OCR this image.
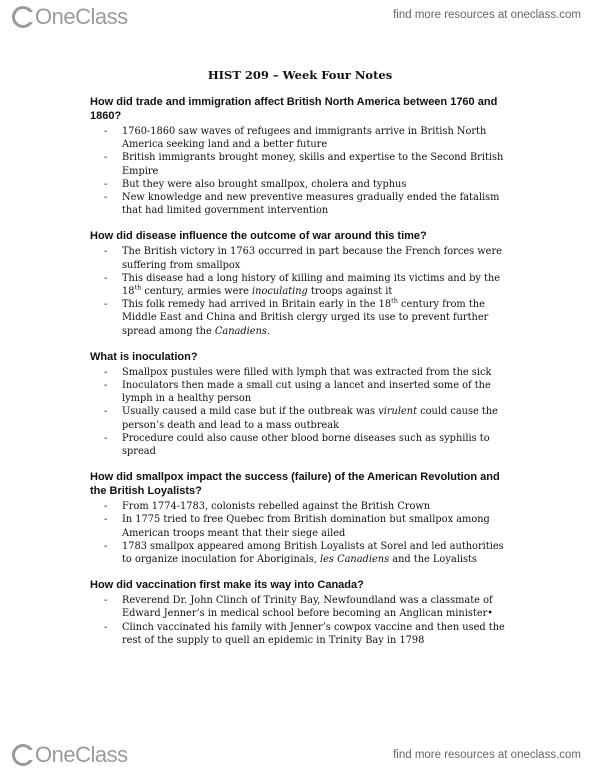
OneClass	find more resources at oneclass.com
HIST 209 – Week Four Notes
How did trade and immigration affect British North America between 1760 and 1860?
- 1760-1860 saw waves of refugees and immigrants arrive in British North America seeking land and a better future
- British immigrants brought money, skills and expertise to the Second British Empire
- But they were also brought smallpox, cholera and typhus
- New knowledge and new preventive measures gradually ended the fatalism that had limited government intervention
How did disease influence the outcome of war around this time?
- The British victory in 1763 occurred in part because the French forces were suffering from smallpox
- This disease had a long history of killing and maiming its victims and by the 18th century, armies were inoculating troops against it
- This folk remedy had arrived in Britain early in the 18th century from the Middle East and China and British clergy urged its use to prevent further spread among the Canadiens.
What is inoculation?
- Smallpox pustules were filled with lymph that was extracted from the sick
- Inoculators then made a small cut using a lancet and inserted some of the lymph in a healthy person
- Usually caused a mild case but if the outbreak was virulent could cause the person’s death and lead to a mass outbreak
- Procedure could also cause other blood borne diseases such as syphilis to spread
How did smallpox impact the success (failure) of the American Revolution and the British Loyalists?
- From 1774-1783, colonists rebelled against the British Crown
- In 1775 tried to free Quebec from British domination but smallpox among American troops meant that their siege ailed
- 1783 smallpox appeared among British Loyalists at Sorel and led authorities to organize inoculation for Aboriginals, les Canadiens and the Loyalists
How did vaccination first make its way into Canada?
- Reverend Dr. John Clinch of Trinity Bay, Newfoundland was a classmate of Edward Jenner’s in medical school before becoming an Anglican minister•
- Clinch vaccinated his family with Jenner’s cowpox vaccine and then used the rest of the supply to quell an epidemic in Trinity Bay in 1798
OneClass	find more resources at oneclass.com
